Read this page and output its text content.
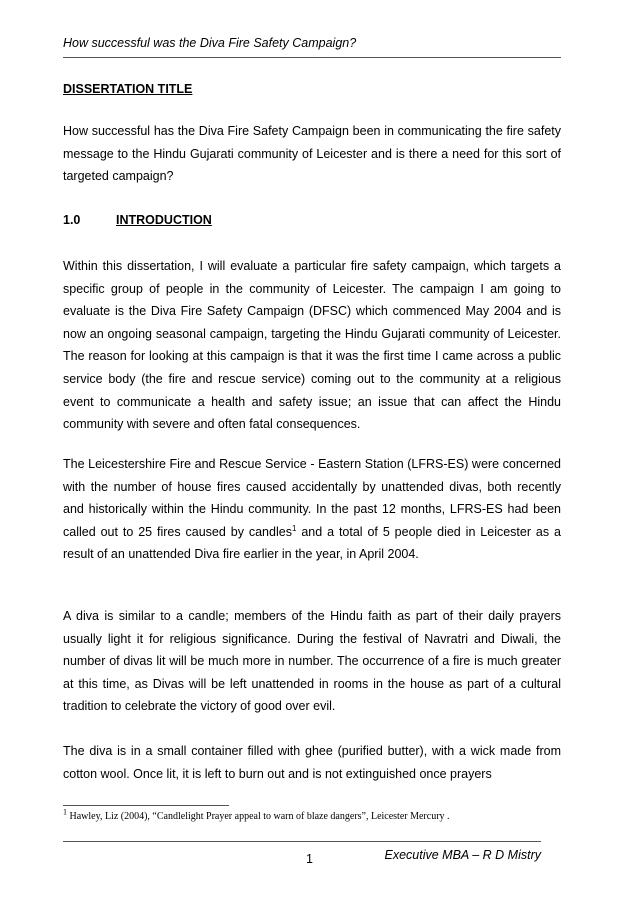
How successful was the Diva Fire Safety Campaign?
DISSERTATION TITLE

How successful has the Diva Fire Safety Campaign been in communicating the fire safety message to the Hindu Gujarati community of Leicester and is there a need for this sort of targeted campaign?

1.0	INTRODUCTION

Within this dissertation, I will evaluate a particular fire safety campaign, which targets a specific group of people in the community of Leicester. The campaign I am going to evaluate is the Diva Fire Safety Campaign (DFSC) which commenced May 2004 and is now an ongoing seasonal campaign, targeting the Hindu Gujarati community of Leicester. The reason for looking at this campaign is that it was the first time I came across a public service body (the fire and rescue service) coming out to the community at a religious event to communicate a health and safety issue; an issue that can affect the Hindu community with severe and often fatal consequences.

The Leicestershire Fire and Rescue Service - Eastern Station (LFRS-ES) were concerned with the number of house fires caused accidentally by unattended divas, both recently and historically within the Hindu community. In the past 12 months, LFRS-ES had been called out to 25 fires caused by candles$^1$ and a total of 5 people died in Leicester as a result of an unattended Diva fire earlier in the year, in April 2004.

A diva is similar to a candle; members of the Hindu faith as part of their daily prayers usually light it for religious significance. During the festival of Navratri and Diwali, the number of divas lit will be much more in number. The occurrence of a fire is much greater at this time, as Divas will be left unattended in rooms in the house as part of a cultural tradition to celebrate the victory of good over evil.

The diva is in a small container filled with ghee (purified butter), with a wick made from cotton wool. Once lit, it is left to burn out and is not extinguished once prayers

$^1$ Hawley, Liz (2004), “Candlelight Prayer appeal to warn of blaze dangers”, Leicester Mercury .
1	Executive MBA – R D Mistry
